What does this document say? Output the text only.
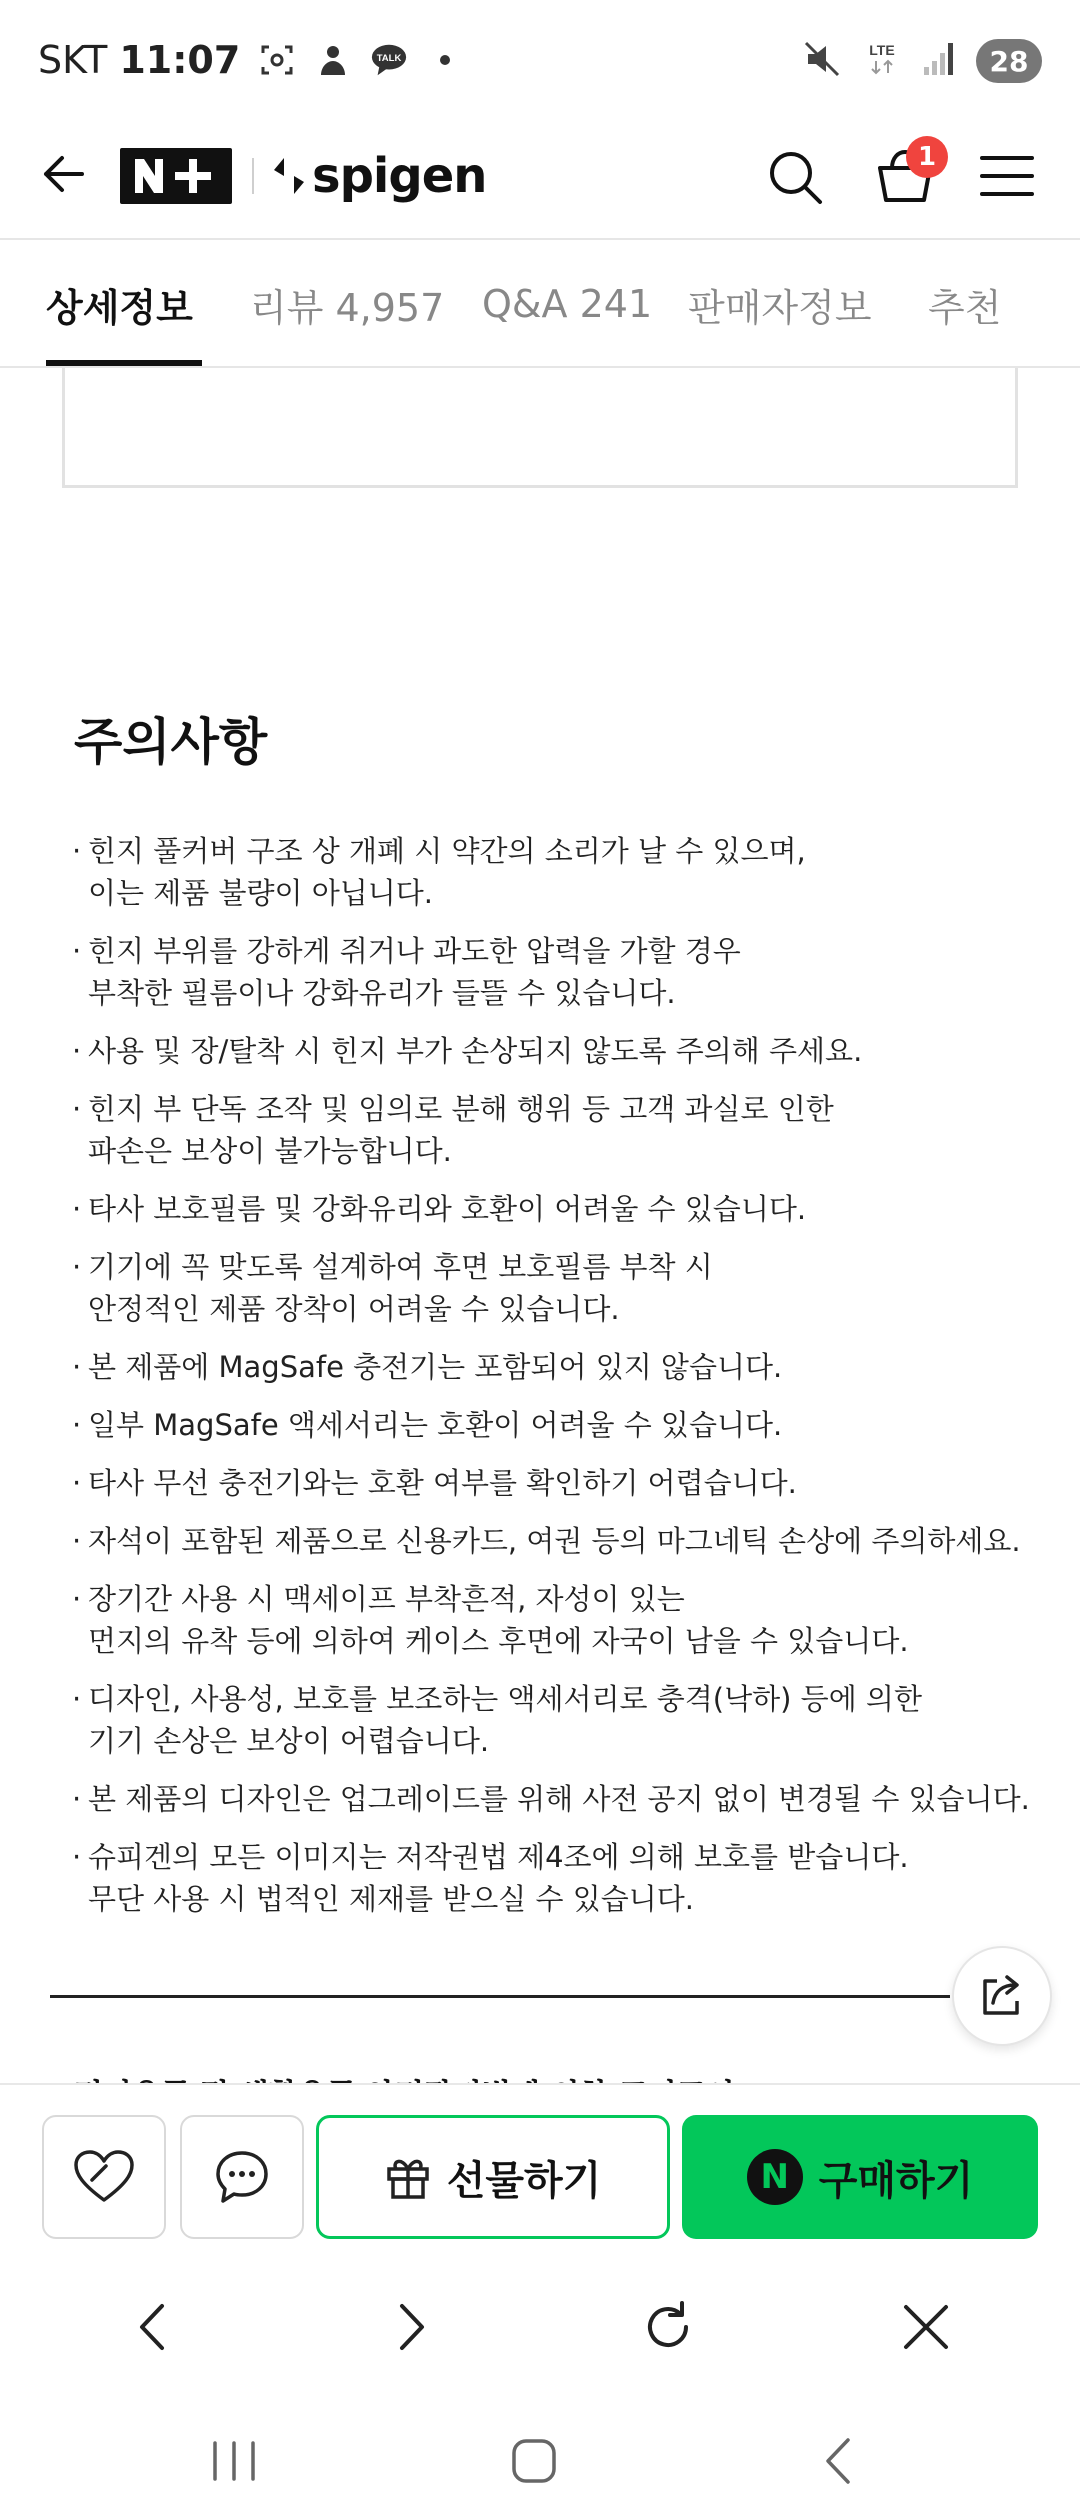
SKT 11:07	TALK
LTE	28
spigen	1
상세정보 리뷰 4,957 Q&A 241 판매자정보 추천
주의사항
· 힌지 풀커버 구조 상 개폐 시 약간의 소리가 날 수 있으며,
이는 제품 불량이 아닙니다.
· 힌지 부위를 강하게 쥐거나 과도한 압력을 가할 경우
부착한 필름이나 강화유리가 들뜰 수 있습니다.
· 사용 및 장/탈착 시 힌지 부가 손상되지 않도록 주의해 주세요.
· 힌지 부 단독 조작 및 임의로 분해 행위 등 고객 과실로 인한
파손은 보상이 불가능합니다.
· 타사 보호필름 및 강화유리와 호환이 어려울 수 있습니다.
· 기기에 꼭 맞도록 설계하여 후면 보호필름 부착 시
안정적인 제품 장착이 어려울 수 있습니다.
· 본 제품에 MagSafe 충전기는 포함되어 있지 않습니다.
· 일부 MagSafe 액세서리는 호환이 어려울 수 있습니다.
· 타사 무선 충전기와는 호환 여부를 확인하기 어렵습니다.
· 자석이 포함된 제품으로 신용카드, 여권 등의 마그네틱 손상에 주의하세요.
· 장기간 사용 시 맥세이프 부착흔적, 자성이 있는
먼지의 유착 등에 의하여 케이스 후면에 자국이 남을 수 있습니다.
· 디자인, 사용성, 보호를 보조하는 액세서리로 충격(낙하) 등에 의한
기기 손상은 보상이 어렵습니다.
· 본 제품의 디자인은 업그레이드를 위해 사전 공지 없이 변경될 수 있습니다.
· 슈피겐의 모든 이미지는 저작권법 제4조에 의해 보호를 받습니다.
무단 사용 시 법적인 제재를 받으실 수 있습니다.
선물하기	N 구매하기
